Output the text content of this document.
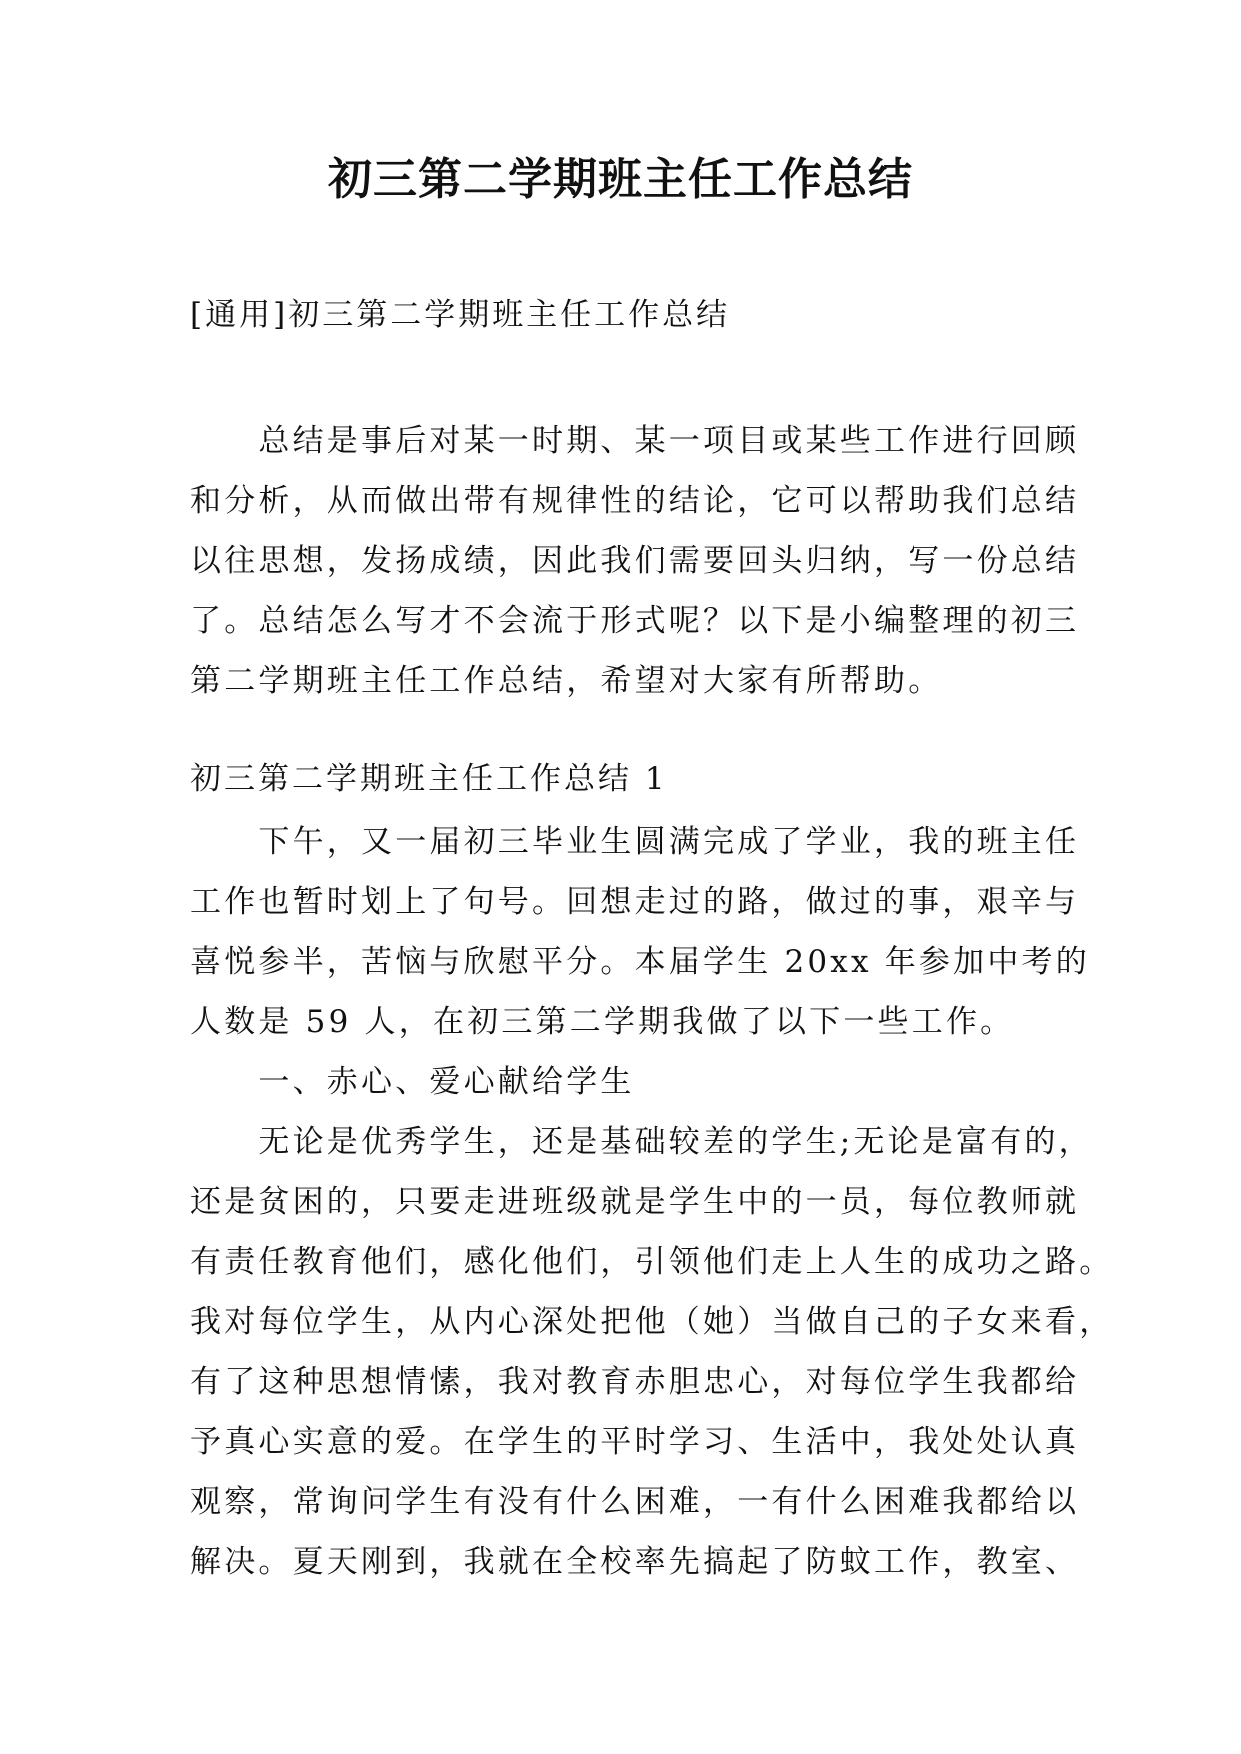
初三第二学期班主任工作总结

[通用]初三第二学期班主任工作总结

　　总结是事后对某一时期、某一项目或某些工作进行回顾
和分析，从而做出带有规律性的结论，它可以帮助我们总结
以往思想，发扬成绩，因此我们需要回头归纳，写一份总结
了。总结怎么写才不会流于形式呢？以下是小编整理的初三
第二学期班主任工作总结，希望对大家有所帮助。

初三第二学期班主任工作总结 1

　　下午，又一届初三毕业生圆满完成了学业，我的班主任
工作也暂时划上了句号。回想走过的路，做过的事，艰辛与
喜悦参半，苦恼与欣慰平分。本届学生 20xx 年参加中考的
人数是 59 人，在初三第二学期我做了以下一些工作。
　　一、赤心、爱心献给学生
　　无论是优秀学生，还是基础较差的学生;无论是富有的，
还是贫困的，只要走进班级就是学生中的一员，每位教师就
有责任教育他们，感化他们，引领他们走上人生的成功之路。
我对每位学生，从内心深处把他（她）当做自己的子女来看，
有了这种思想情愫，我对教育赤胆忠心，对每位学生我都给
予真心实意的爱。在学生的平时学习、生活中，我处处认真
观察，常询问学生有没有什么困难，一有什么困难我都给以
解决。夏天刚到，我就在全校率先搞起了防蚊工作，教室、
